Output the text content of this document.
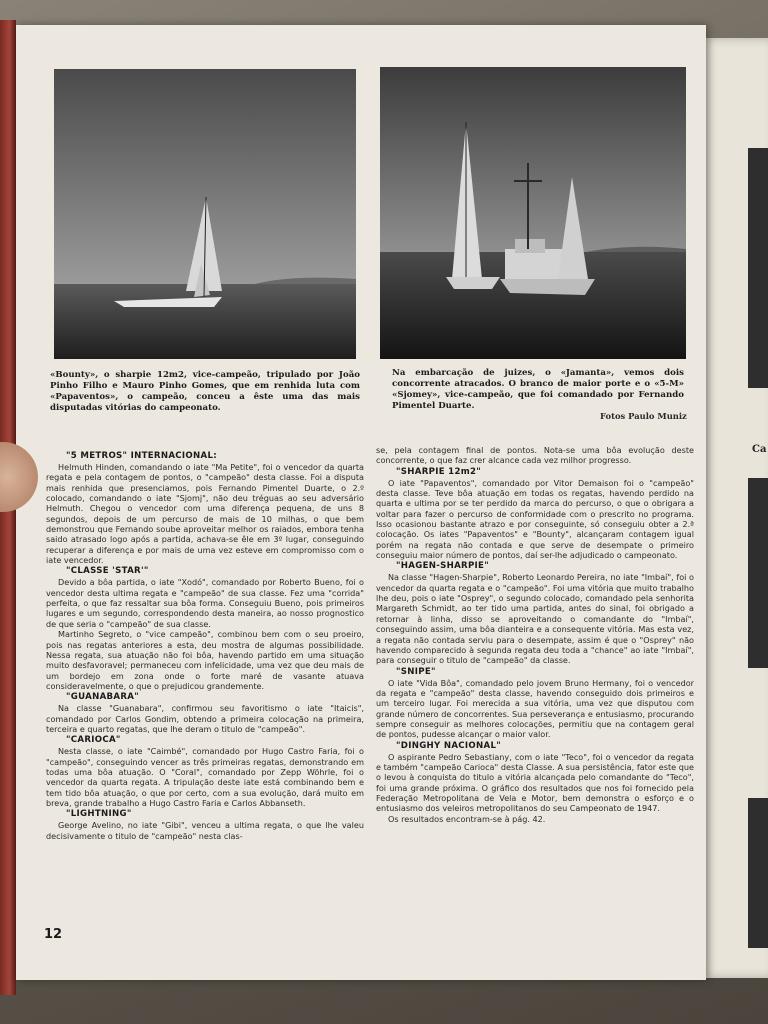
Ca
«Bounty», o sharpie 12m2, vice-campeão, tripulado por João Pinho Filho e Mauro Pinho Gomes, que em renhida luta com «Papaventos», o campeão, conceu a êste uma das mais disputadas vitórias do campeonato.
Na embarcação de juizes, o «Jamanta», vemos dois concorrente atracados. O branco de maior porte e o «5-M» «Sjomey», vice-campeão, que foi comandado por Fernando Pimentel Duarte.
Fotos Paulo Muniz
"5 METROS" INTERNACIONAL:

Helmuth Hinden, comandando o iate "Ma Petite", foi o vencedor da quarta regata e pela contagem de pontos, o "campeão" desta classe. Foi a disputa mais renhida que presenciamos, pois Fernando Pimentel Duarte, o 2.º colocado, comandando o iate "Sjomj", não deu tréguas ao seu adversário Helmuth. Chegou o vencedor com uma diferença pequena, de uns 8 segundos, depois de um percurso de mais de 10 milhas, o que bem demonstrou que Fernando soube aproveitar melhor os raiados, embora tenha saido atrasado logo após a partida, achava-se êle em 3º lugar, conseguindo recuperar a diferença e por mais de uma vez esteve em compromisso com o iate vencedor.

"CLASSE 'STAR'"

Devido a bôa partida, o iate "Xodó", comandado por Roberto Bueno, foi o vencedor desta ultima regata e "campeão" de sua classe. Fez uma "corrida" perfeita, o que faz ressaltar sua bôa forma. Conseguiu Bueno, pois primeiros lugares e um segundo, correspondendo desta maneira, ao nosso prognostico de que seria o "campeão" de sua classe.

Martinho Segreto, o "vice campeão", combinou bem com o seu proeiro, pois nas regatas anteriores a esta, deu mostra de algumas possibilidade. Nessa regata, sua atuação não foi bôa, havendo partido em uma situação muito desfavoravel; permaneceu com infelicidade, uma vez que deu mais de um bordejo em zona onde o forte maré de vasante atuava consideravelmente, o que o prejudicou grandemente.

"GUANABARA"

Na classe "Guanabara", confirmou seu favoritismo o iate "Itaicis", comandado por Carlos Gondim, obtendo a primeira colocação na primeira, terceira e quarto regatas, que lhe deram o titulo de "campeão".

"CARIOCA"

Nesta classe, o iate "Caimbé", comandado por Hugo Castro Faria, foi o "campeão", conseguindo vencer as três primeiras regatas, demonstrando em todas uma bôa atuação. O "Coral", comandado por Zepp Wöhrle, foi o vencedor da quarta regata. A tripulação deste iate está combinando bem e tem tido bôa atuação, o que por certo, com a sua evolução, dará muito em breva, grande trabalho a Hugo Castro Faria e Carlos Abbanseth.

"LIGHTNING"

George Avelino, no iate "Gibi", venceu a ultima regata, o que lhe valeu decisivamente o titulo de "campeão" nesta clas-

se, pela contagem final de pontos. Nota-se uma bôa evolução deste concorrente, o que faz crer alcance cada vez milhor progresso.

"SHARPIE 12m2"

O iate "Papaventos", comandado por Vitor Demaison foi o "campeão" desta classe. Teve bôa atuação em todas os regatas, havendo perdido na quarta e ultima por se ter perdido da marca do percurso, o que o obrigara a voltar para fazer o percurso de conformidade com o prescrito no programa. Isso ocasionou bastante atrazo e por conseguinte, só conseguiu obter a 2.ª colocação. Os iates "Papaventos" e "Bounty", alcançaram contagem igual porém na regata não contada e que serve de desempate o primeiro conseguiu maior número de pontos, daí ser-lhe adjudicado o campeonato.

"HAGEN-SHARPIE"

Na classe "Hagen-Sharpie", Roberto Leonardo Pereira, no iate "Imbaí", foi o vencedor da quarta regata e o "campeão". Foi uma vitória que muito trabalho lhe deu, pois o iate "Osprey", o segundo colocado, comandado pela senhorita Margareth Schmidt, ao ter tido uma partida, antes do sinal, foi obrigado a retornar à linha, disso se aproveitando o comandante do "Imbaí", conseguindo assim, uma bôa dianteira e a consequente vitória. Mas esta vez, a regata não contada serviu para o desempate, assim é que o "Osprey" não havendo comparecido à segunda regata deu toda a "chance" ao iate "Imbaí", para conseguir o titulo de "campeão" da classe.

"SNIPE"

O iate "Vida Bôa", comandado pelo jovem Bruno Hermany, foi o vencedor da regata e "campeão" desta classe, havendo conseguido dois primeiros e um terceiro lugar. Foi merecida a sua vitória, uma vez que disputou com grande número de concorrentes. Sua perseverança e entusiasmo, procurando sempre conseguir as melhores colocações, permitiu que na contagem geral de pontos, pudesse alcançar o maior valor.

"DINGHY NACIONAL"

O aspirante Pedro Sebastiany, com o iate "Teco", foi o vencedor da regata e também "campeão Carioca" desta Classe. A sua persistência, fator este que o levou à conquista do titulo a vitória alcançada pelo comandante do "Teco", foi uma grande próxima. O gráfico dos resultados que nos foi fornecido pela Federação Metropolitana de Vela e Motor, bem demonstra o esforço e o entusiasmo dos veleiros metropolitanos do seu Campeonato de 1947.

Os resultados encontram-se à pág. 42.

12
